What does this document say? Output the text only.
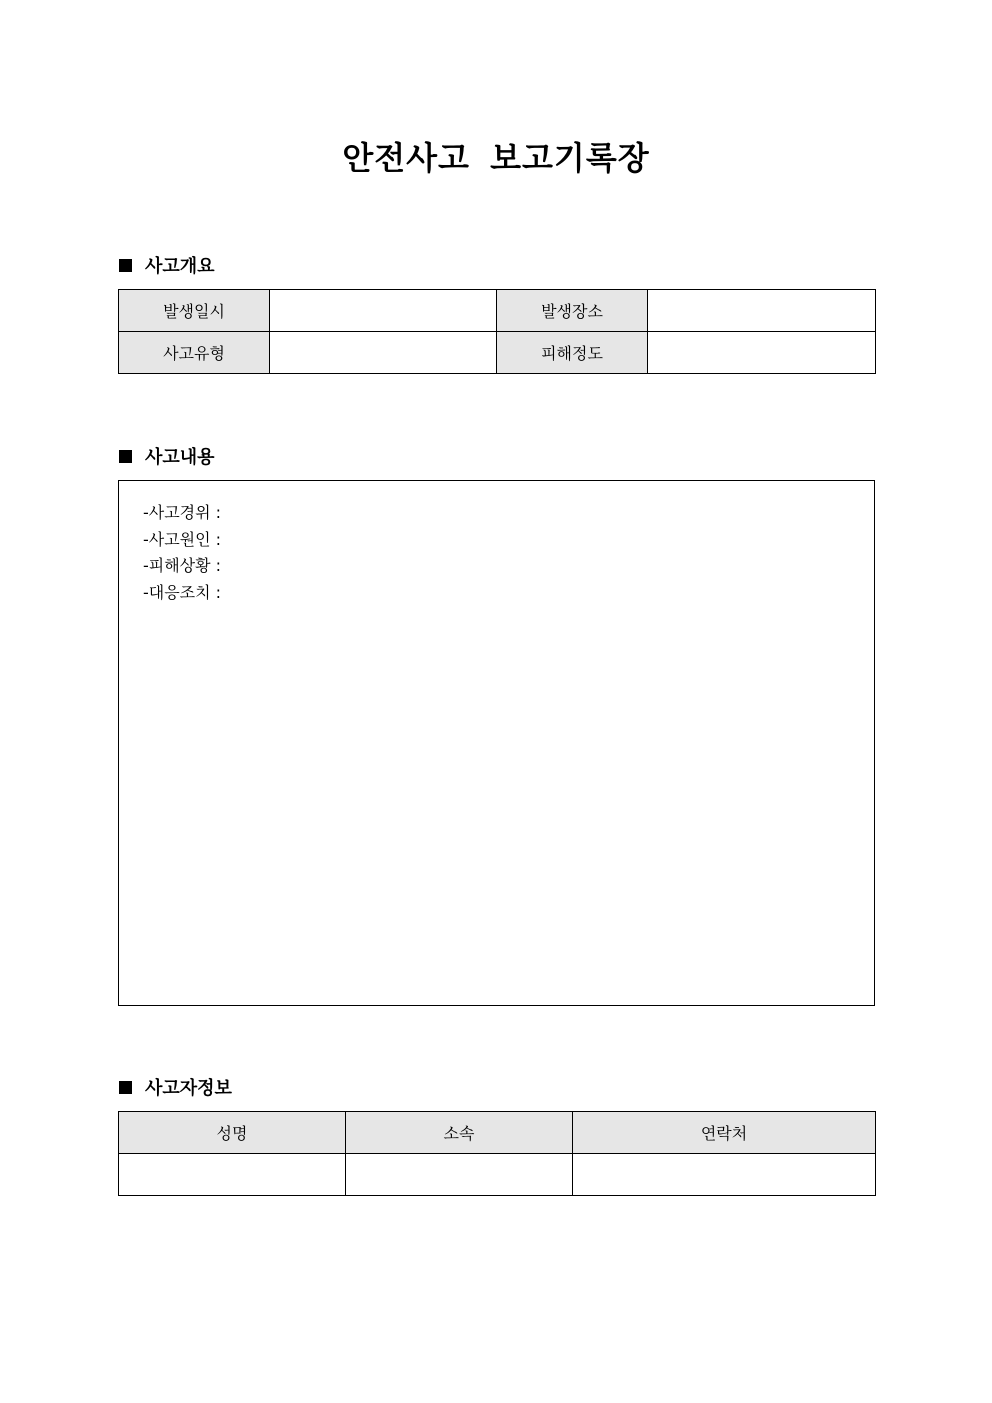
안전사고 보고기록장
사고개요
발생일시		발생장소	
사고유형		피해정도	
사고내용
-사고경위 :
-사고원인 :
-피해상황 :
-대응조치 :
사고자정보
성명	소속	연락처
